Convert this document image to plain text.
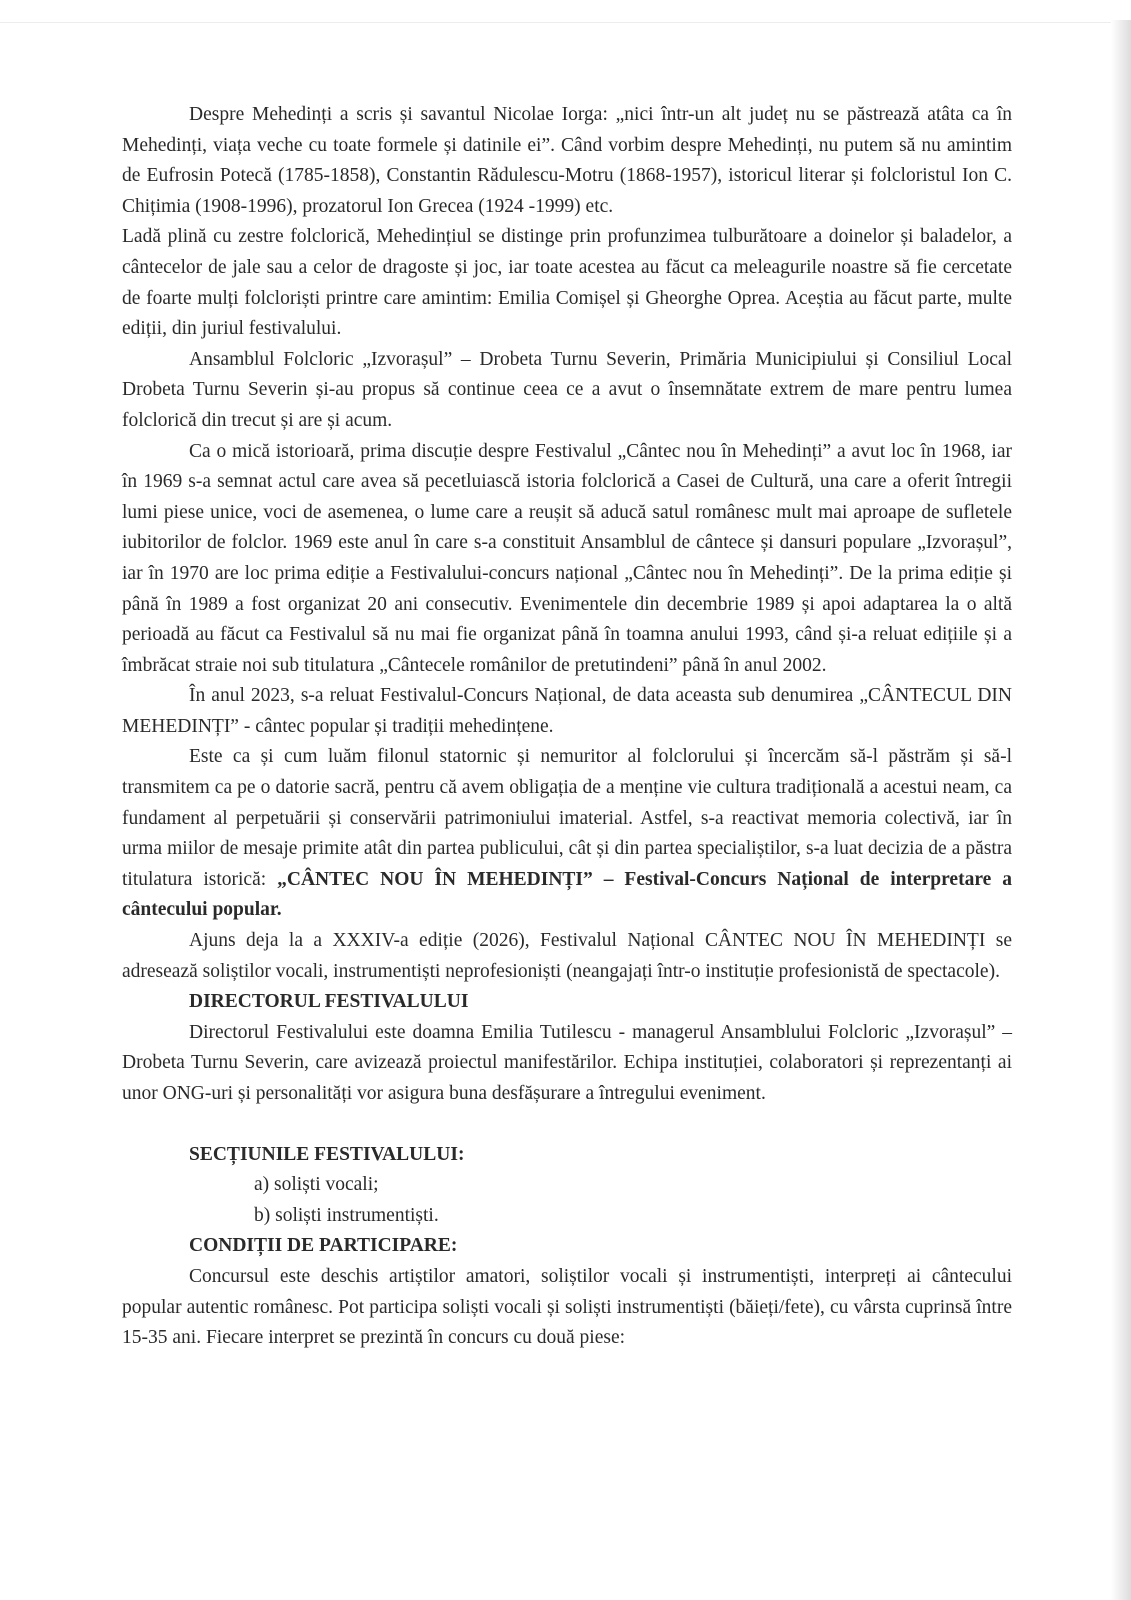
Despre Mehedinți a scris și savantul Nicolae Iorga: „nici într-un alt județ nu se păstrează atâta ca în Mehedinți, viața veche cu toate formele și datinile ei”. Când vorbim despre Mehedinți, nu putem să nu amintim de Eufrosin Potecă (1785-1858), Constantin Rădulescu-Motru (1868-1957), istoricul literar și folcloristul Ion C. Chițimia (1908-1996), prozatorul Ion Grecea (1924 -1999) etc.

Ladă plină cu zestre folclorică, Mehedințiul se distinge prin profunzimea tulburătoare a doinelor și baladelor, a cântecelor de jale sau a celor de dragoste și joc, iar toate acestea au făcut ca meleagurile noastre să fie cercetate de foarte mulți folcloriști printre care amintim: Emilia Comișel și Gheorghe Oprea. Aceștia au făcut parte, multe ediții, din juriul festivalului.

Ansamblul Folcloric „Izvorașul” – Drobeta Turnu Severin, Primăria Municipiului și Consiliul Local Drobeta Turnu Severin și-au propus să continue ceea ce a avut o însemnătate extrem de mare pentru lumea folclorică din trecut și are și acum.

Ca o mică istorioară, prima discuție despre Festivalul „Cântec nou în Mehedinți” a avut loc în 1968, iar în 1969 s-a semnat actul care avea să pecetluiască istoria folclorică a Casei de Cultură, una care a oferit întregii lumi piese unice, voci de asemenea, o lume care a reușit să aducă satul românesc mult mai aproape de sufletele iubitorilor de folclor. 1969 este anul în care s-a constituit Ansamblul de cântece și dansuri populare „Izvorașul”, iar în 1970 are loc prima ediție a Festivalului-concurs național „Cântec nou în Mehedinți”. De la prima ediție și până în 1989 a fost organizat 20 ani consecutiv. Evenimentele din decembrie 1989 și apoi adaptarea la o altă perioadă au făcut ca Festivalul să nu mai fie organizat până în toamna anului 1993, când și-a reluat edițiile și a îmbrăcat straie noi sub titulatura „Cântecele românilor de pretutindeni” până în anul 2002.

În anul 2023, s-a reluat Festivalul-Concurs Național, de data aceasta sub denumirea „CÂNTECUL DIN MEHEDINȚI” - cântec popular și tradiții mehedințene.

Este ca și cum luăm filonul statornic și nemuritor al folclorului și încercăm să-l păstrăm și să-l transmitem ca pe o datorie sacră, pentru că avem obligația de a menține vie cultura tradițională a acestui neam, ca fundament al perpetuării și conservării patrimoniului imaterial. Astfel, s-a reactivat memoria colectivă, iar în urma miilor de mesaje primite atât din partea publicului, cât și din partea specialiștilor, s-a luat decizia de a păstra titulatura istorică: „CÂNTEC NOU ÎN MEHEDINȚI” – Festival-Concurs Național de interpretare a cântecului popular.

Ajuns deja la a XXXIV-a ediție (2026), Festivalul Național CÂNTEC NOU ÎN MEHEDINȚI se adresează soliștilor vocali, instrumentiști neprofesioniști (neangajați într-o instituție profesionistă de spectacole).

DIRECTORUL FESTIVALULUI

Directorul Festivalului este doamna Emilia Tutilescu - managerul Ansamblului Folcloric „Izvorașul” – Drobeta Turnu Severin, care avizează proiectul manifestărilor. Echipa instituției, colaboratori și reprezentanți ai unor ONG-uri și personalități vor asigura buna desfășurare a întregului eveniment.

SECȚIUNILE FESTIVALULUI:
a) soliști vocali;
b) soliști instrumentiști.
CONDIȚII DE PARTICIPARE:

Concursul este deschis artiștilor amatori, soliștilor vocali și instrumentiști, interpreți ai cântecului popular autentic românesc. Pot participa soliști vocali și soliști instrumentiști (băieți/fete), cu vârsta cuprinsă între 15-35 ani. Fiecare interpret se prezintă în concurs cu două piese:
